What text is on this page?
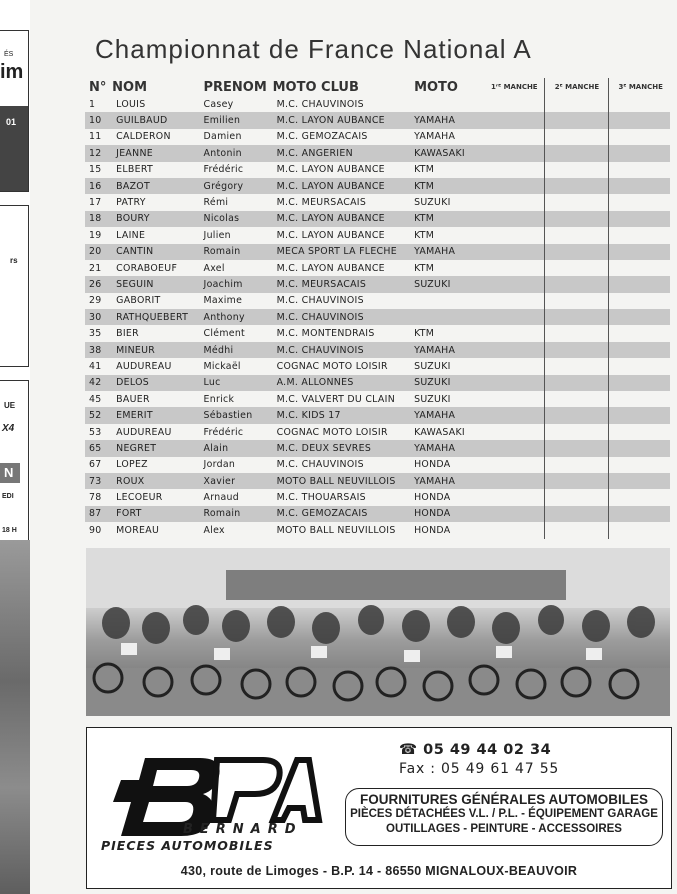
ÉS
im
01
rs
UE
X4
N
EDI
18 H
Championnat de France National A
N°	NOM	PRENOM	MOTO CLUB	MOTO	1ʳᴱ MANCHE	2ᴱ MANCHE	3ᴱ MANCHE
1	LOUIS	Casey	M.C. CHAUVINOIS				
10	GUILBAUD	Emilien	M.C. LAYON AUBANCE	YAMAHA			
11	CALDERON	Damien	M.C. GEMOZACAIS	YAMAHA			
12	JEANNE	Antonin	M.C. ANGERIEN	KAWASAKI			
15	ELBERT	Frédéric	M.C. LAYON AUBANCE	KTM			
16	BAZOT	Grégory	M.C. LAYON AUBANCE	KTM			
17	PATRY	Rémi	M.C. MEURSACAIS	SUZUKI			
18	BOURY	Nicolas	M.C. LAYON AUBANCE	KTM			
19	LAINE	Julien	M.C. LAYON AUBANCE	KTM			
20	CANTIN	Romain	MECA SPORT LA FLECHE	YAMAHA			
21	CORABOEUF	Axel	M.C. LAYON AUBANCE	KTM			
26	SEGUIN	Joachim	M.C. MEURSACAIS	SUZUKI			
29	GABORIT	Maxime	M.C. CHAUVINOIS				
30	RATHQUEBERT	Anthony	M.C. CHAUVINOIS				
35	BIER	Clément	M.C. MONTENDRAIS	KTM			
38	MINEUR	Médhi	M.C. CHAUVINOIS	YAMAHA			
41	AUDUREAU	Mickaël	COGNAC MOTO LOISIR	SUZUKI			
42	DELOS	Luc	A.M. ALLONNES	SUZUKI			
45	BAUER	Enrick	M.C. VALVERT DU CLAIN	SUZUKI			
52	EMERIT	Sébastien	M.C. KIDS 17	YAMAHA			
53	AUDUREAU	Frédéric	COGNAC MOTO LOISIR	KAWASAKI			
65	NEGRET	Alain	M.C. DEUX SEVRES	YAMAHA			
67	LOPEZ	Jordan	M.C. CHAUVINOIS	HONDA			
73	ROUX	Xavier	MOTO BALL NEUVILLOIS	YAMAHA			
78	LECOEUR	Arnaud	M.C. THOUARSAIS	HONDA			
87	FORT	Romain	M.C. GEMOZACAIS	HONDA			
90	MOREAU	Alex	MOTO BALL NEUVILLOIS	HONDA			
BERNARD
PIECES AUTOMOBILES
☎ 05 49 44 02 34
Fax : 05 49 61 47 55
FOURNITURES GÉNÉRALES AUTOMOBILES
PIÈCES DÉTACHÉES V.L. / P.L. - ÉQUIPEMENT GARAGE
OUTILLAGES - PEINTURE - ACCESSOIRES
430, route de Limoges - B.P. 14 - 86550 MIGNALOUX-BEAUVOIR
